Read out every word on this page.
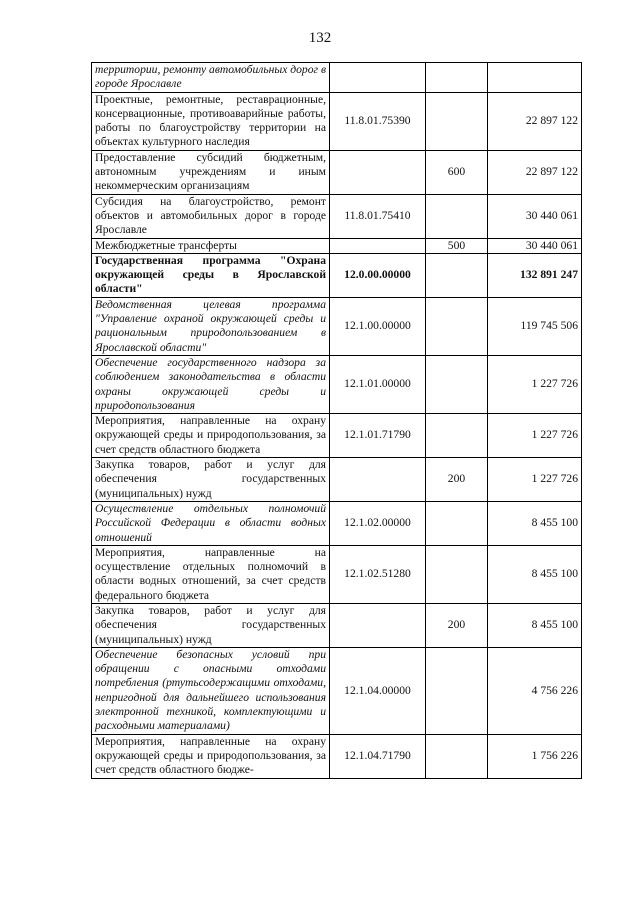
132
территории, ремонту автомобильных дорог в городе Ярославле			
Проектные, ремонтные, реставрационные, консервационные, противоаварийные работы, работы по благоустройству территории на объектах культурного наследия	11.8.01.75390		22 897 122
Предоставление субсидий бюджетным, автономным учреждениям и иным некоммерческим организациям		600	22 897 122
Субсидия на благоустройство, ремонт объектов и автомобильных дорог в городе Ярославле	11.8.01.75410		30 440 061
Межбюджетные трансферты		500	30 440 061
Государственная программа "Охрана окружающей среды в Ярославской области"	12.0.00.00000		132 891 247
Ведомственная целевая программа "Управление охраной окружающей среды и рациональным природопользованием в Ярославской области"	12.1.00.00000		119 745 506
Обеспечение государственного надзора за соблюдением законодательства в области охраны окружающей среды и природопользования	12.1.01.00000		1 227 726
Мероприятия, направленные на охрану окружающей среды и природопользования, за счет средств областного бюджета	12.1.01.71790		1 227 726
Закупка товаров, работ и услуг для обеспечения государственных (муниципальных) нужд		200	1 227 726
Осуществление отдельных полномочий Российской Федерации в области водных отношений	12.1.02.00000		8 455 100
Мероприятия, направленные на осуществление отдельных полномочий в области водных отношений, за счет средств федерального бюджета	12.1.02.51280		8 455 100
Закупка товаров, работ и услуг для обеспечения государственных (муниципальных) нужд		200	8 455 100
Обеспечение безопасных условий при обращении с опасными отходами потребления (ртутьсодержащими отходами, непригодной для дальнейшего использования электронной техникой, комплектующими и расходными материалами)	12.1.04.00000		4 756 226
Мероприятия, направленные на охрану окружающей среды и природопользования, за счет средств областного бюдже-	12.1.04.71790		1 756 226
